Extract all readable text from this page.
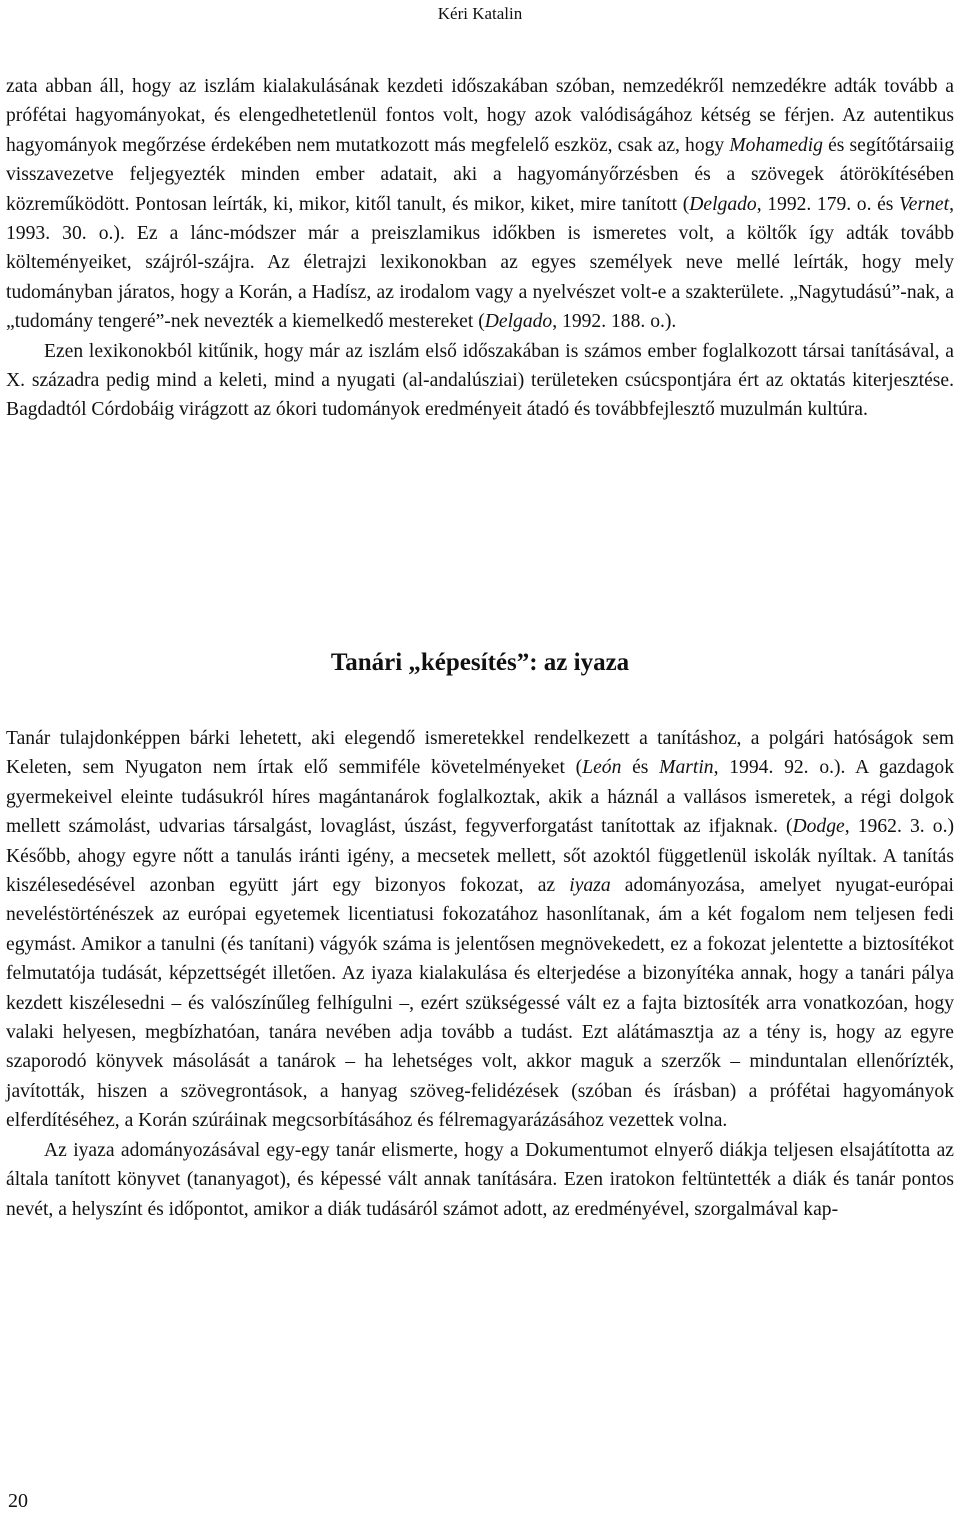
Kéri Katalin

zata abban áll, hogy az iszlám kialakulásának kezdeti időszakában szóban, nemzedékről nemzedékre adták tovább a prófétai hagyományokat, és elengedhetetlenül fontos volt, hogy azok valódiságához kétség se férjen. Az autentikus hagyományok megőrzése érdekében nem mutatkozott más megfelelő eszköz, csak az, hogy Mohamedig és segítőtársaiig visszavezetve feljegyezték minden ember adatait, aki a hagyományőrzésben és a szövegek átörökítésében közreműködött. Pontosan leírták, ki, mikor, kitől tanult, és mikor, kiket, mire tanított (Delgado, 1992. 179. o. és Vernet, 1993. 30. o.). Ez a lánc-módszer már a preiszlamikus időkben is ismeretes volt, a költők így adták tovább költeményeiket, szájról-szájra. Az életrajzi lexikonokban az egyes személyek neve mellé leírták, hogy mely tudományban járatos, hogy a Korán, a Hadísz, az irodalom vagy a nyelvészet volt-e a szakterülete. „Nagytudású”-nak, a „tudomány tengeré”-nek nevezték a kiemelkedő mestereket (Delgado, 1992. 188. o.).

Ezen lexikonokból kitűnik, hogy már az iszlám első időszakában is számos ember foglalkozott társai tanításával, a X. századra pedig mind a keleti, mind a nyugati (al-andalúsziai) területeken csúcspontjára ért az oktatás kiterjesztése. Bagdadtól Córdobáig virágzott az ókori tudományok eredményeit átadó és továbbfejlesztő muzulmán kultúra.

Tanári „képesítés”: az iyaza

Tanár tulajdonképpen bárki lehetett, aki elegendő ismeretekkel rendelkezett a tanításhoz, a polgári hatóságok sem Keleten, sem Nyugaton nem írtak elő semmiféle követelményeket (León és Martin, 1994. 92. o.). A gazdagok gyermekeivel eleinte tudásukról híres magántanárok foglalkoztak, akik a háznál a vallásos ismeretek, a régi dolgok mellett számolást, udvarias társalgást, lovaglást, úszást, fegyverforgatást tanítottak az ifjaknak. (Dodge, 1962. 3. o.) Később, ahogy egyre nőtt a tanulás iránti igény, a mecsetek mellett, sőt azoktól függetlenül iskolák nyíltak. A tanítás kiszélesedésével azonban együtt járt egy bizonyos fokozat, az iyaza adományozása, amelyet nyugat-európai neveléstörténészek az európai egyetemek licentiatusi fokozatához hasonlítanak, ám a két fogalom nem teljesen fedi egymást. Amikor a tanulni (és tanítani) vágyók száma is jelentősen megnövekedett, ez a fokozat jelentette a biztosítékot felmutatója tudását, képzettségét illetően. Az iyaza kialakulása és elterjedése a bizonyítéka annak, hogy a tanári pálya kezdett kiszélesedni – és valószínűleg felhígulni –, ezért szükségessé vált ez a fajta biztosíték arra vonatkozóan, hogy valaki helyesen, megbízhatóan, tanára nevében adja tovább a tudást. Ezt alátámasztja az a tény is, hogy az egyre szaporodó könyvek másolását a tanárok – ha lehetséges volt, akkor maguk a szerzők – minduntalan ellenőrízték, javították, hiszen a szövegrontások, a hanyag szöveg-felidézések (szóban és írásban) a prófétai hagyományok elferdítéséhez, a Korán szúráinak megcsorbításához és félremagyarázásához vezettek volna.

Az iyaza adományozásával egy-egy tanár elismerte, hogy a Dokumentumot elnyerő diákja teljesen elsajátította az általa tanított könyvet (tananyagot), és képessé vált annak tanítására. Ezen iratokon feltüntették a diák és tanár pontos nevét, a helyszínt és időpontot, amikor a diák tudásáról számot adott, az eredményével, szorgalmával kap-

20
